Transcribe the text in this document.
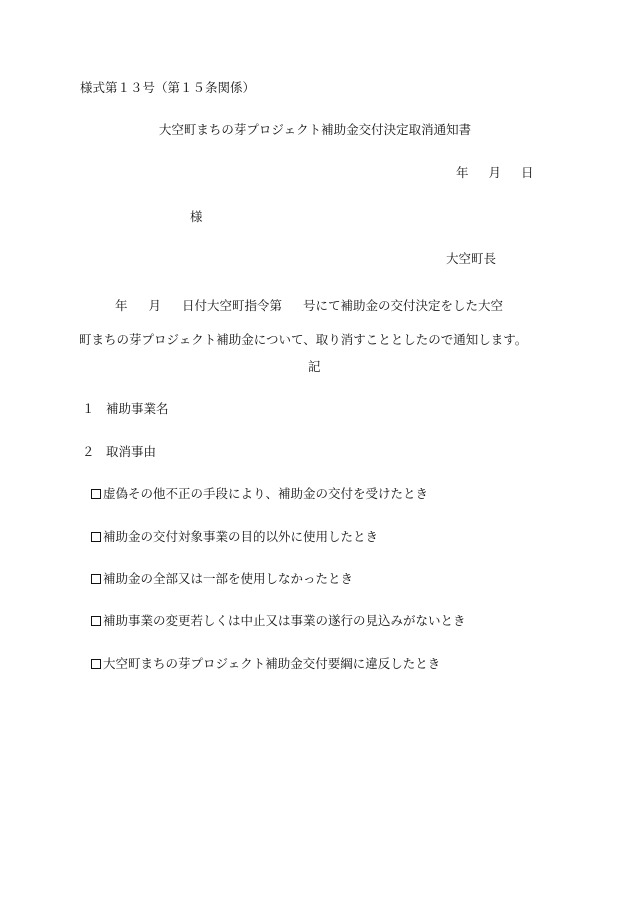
様式第１３号（第１５条関係）
大空町まちの芽プロジェクト補助金交付決定取消通知書
年 月 日
様
大空町長
年 月 日付大空町指令第 号にて補助金の交付決定をした大空
町まちの芽プロジェクト補助金について、取り消すこととしたので通知します。
記
１ 補助事業名
２ 取消事由
虚偽その他不正の手段により、補助金の交付を受けたとき
補助金の交付対象事業の目的以外に使用したとき
補助金の全部又は一部を使用しなかったとき
補助事業の変更若しくは中止又は事業の遂行の見込みがないとき
大空町まちの芽プロジェクト補助金交付要綱に違反したとき
